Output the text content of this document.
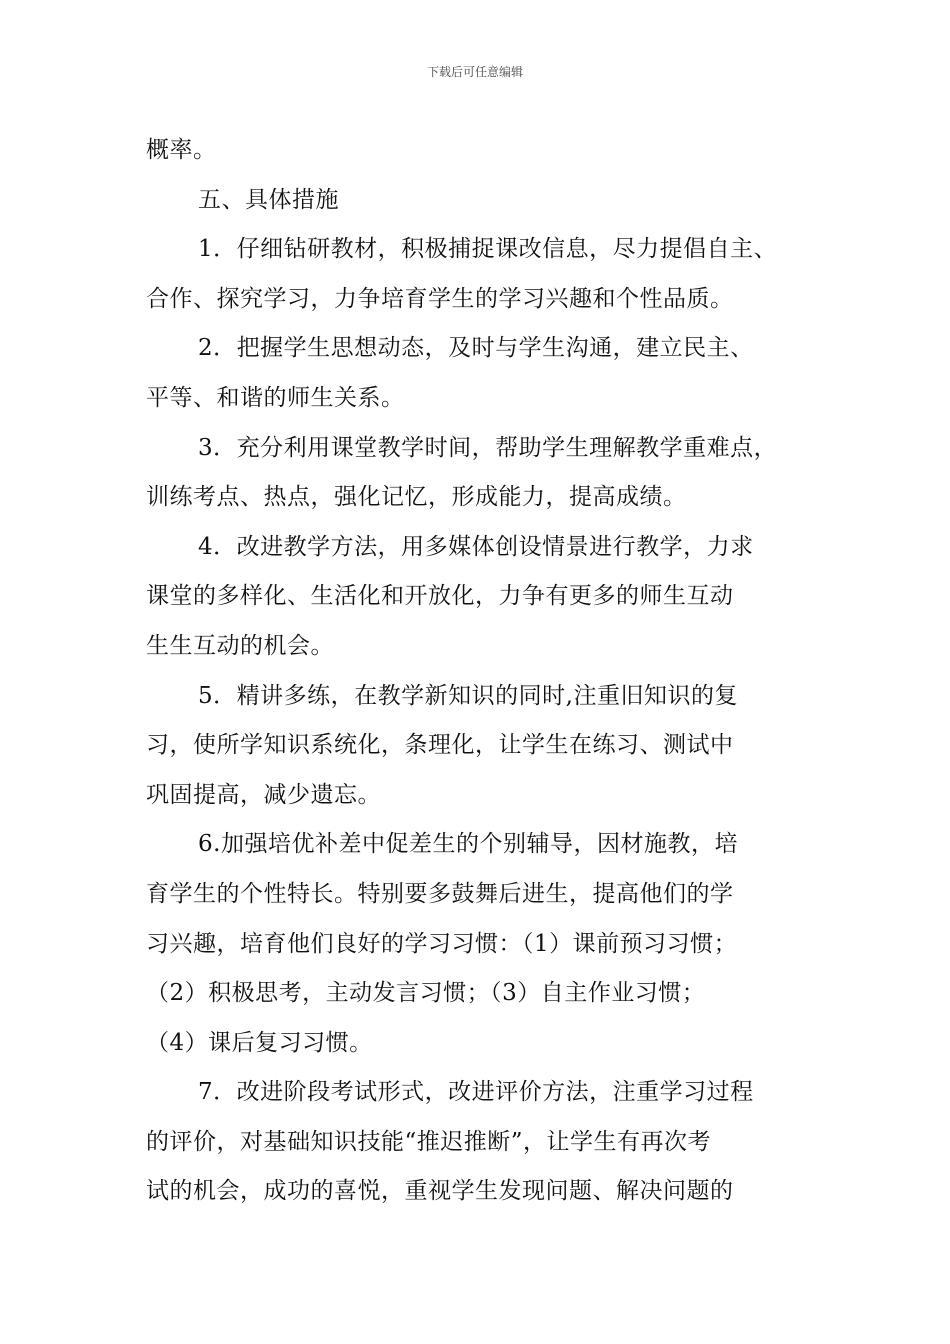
下载后可任意编辑
概率。
五、具体措施
1．仔细钻研教材，积极捕捉课改信息，尽力提倡自主、
合作、探究学习，力争培育学生的学习兴趣和个性品质。
2．把握学生思想动态，及时与学生沟通，建立民主、
平等、和谐的师生关系。
3．充分利用课堂教学时间，帮助学生理解教学重难点，
训练考点、热点，强化记忆，形成能力，提高成绩。
4．改进教学方法，用多媒体创设情景进行教学，力求
课堂的多样化、生活化和开放化，力争有更多的师生互动
生生互动的机会。
5．精讲多练，在教学新知识的同时,注重旧知识的复
习，使所学知识系统化，条理化，让学生在练习、测试中
巩固提高，减少遗忘。
6.加强培优补差中促差生的个别辅导，因材施教，培
育学生的个性特长。特别要多鼓舞后进生，提高他们的学
习兴趣，培育他们良好的学习习惯：（1）课前预习习惯；
（2）积极思考，主动发言习惯；（3）自主作业习惯；
（4）课后复习习惯。
7．改进阶段考试形式，改进评价方法，注重学习过程
的评价，对基础知识技能“推迟推断”，让学生有再次考
试的机会，成功的喜悦，重视学生发现问题、解决问题的
